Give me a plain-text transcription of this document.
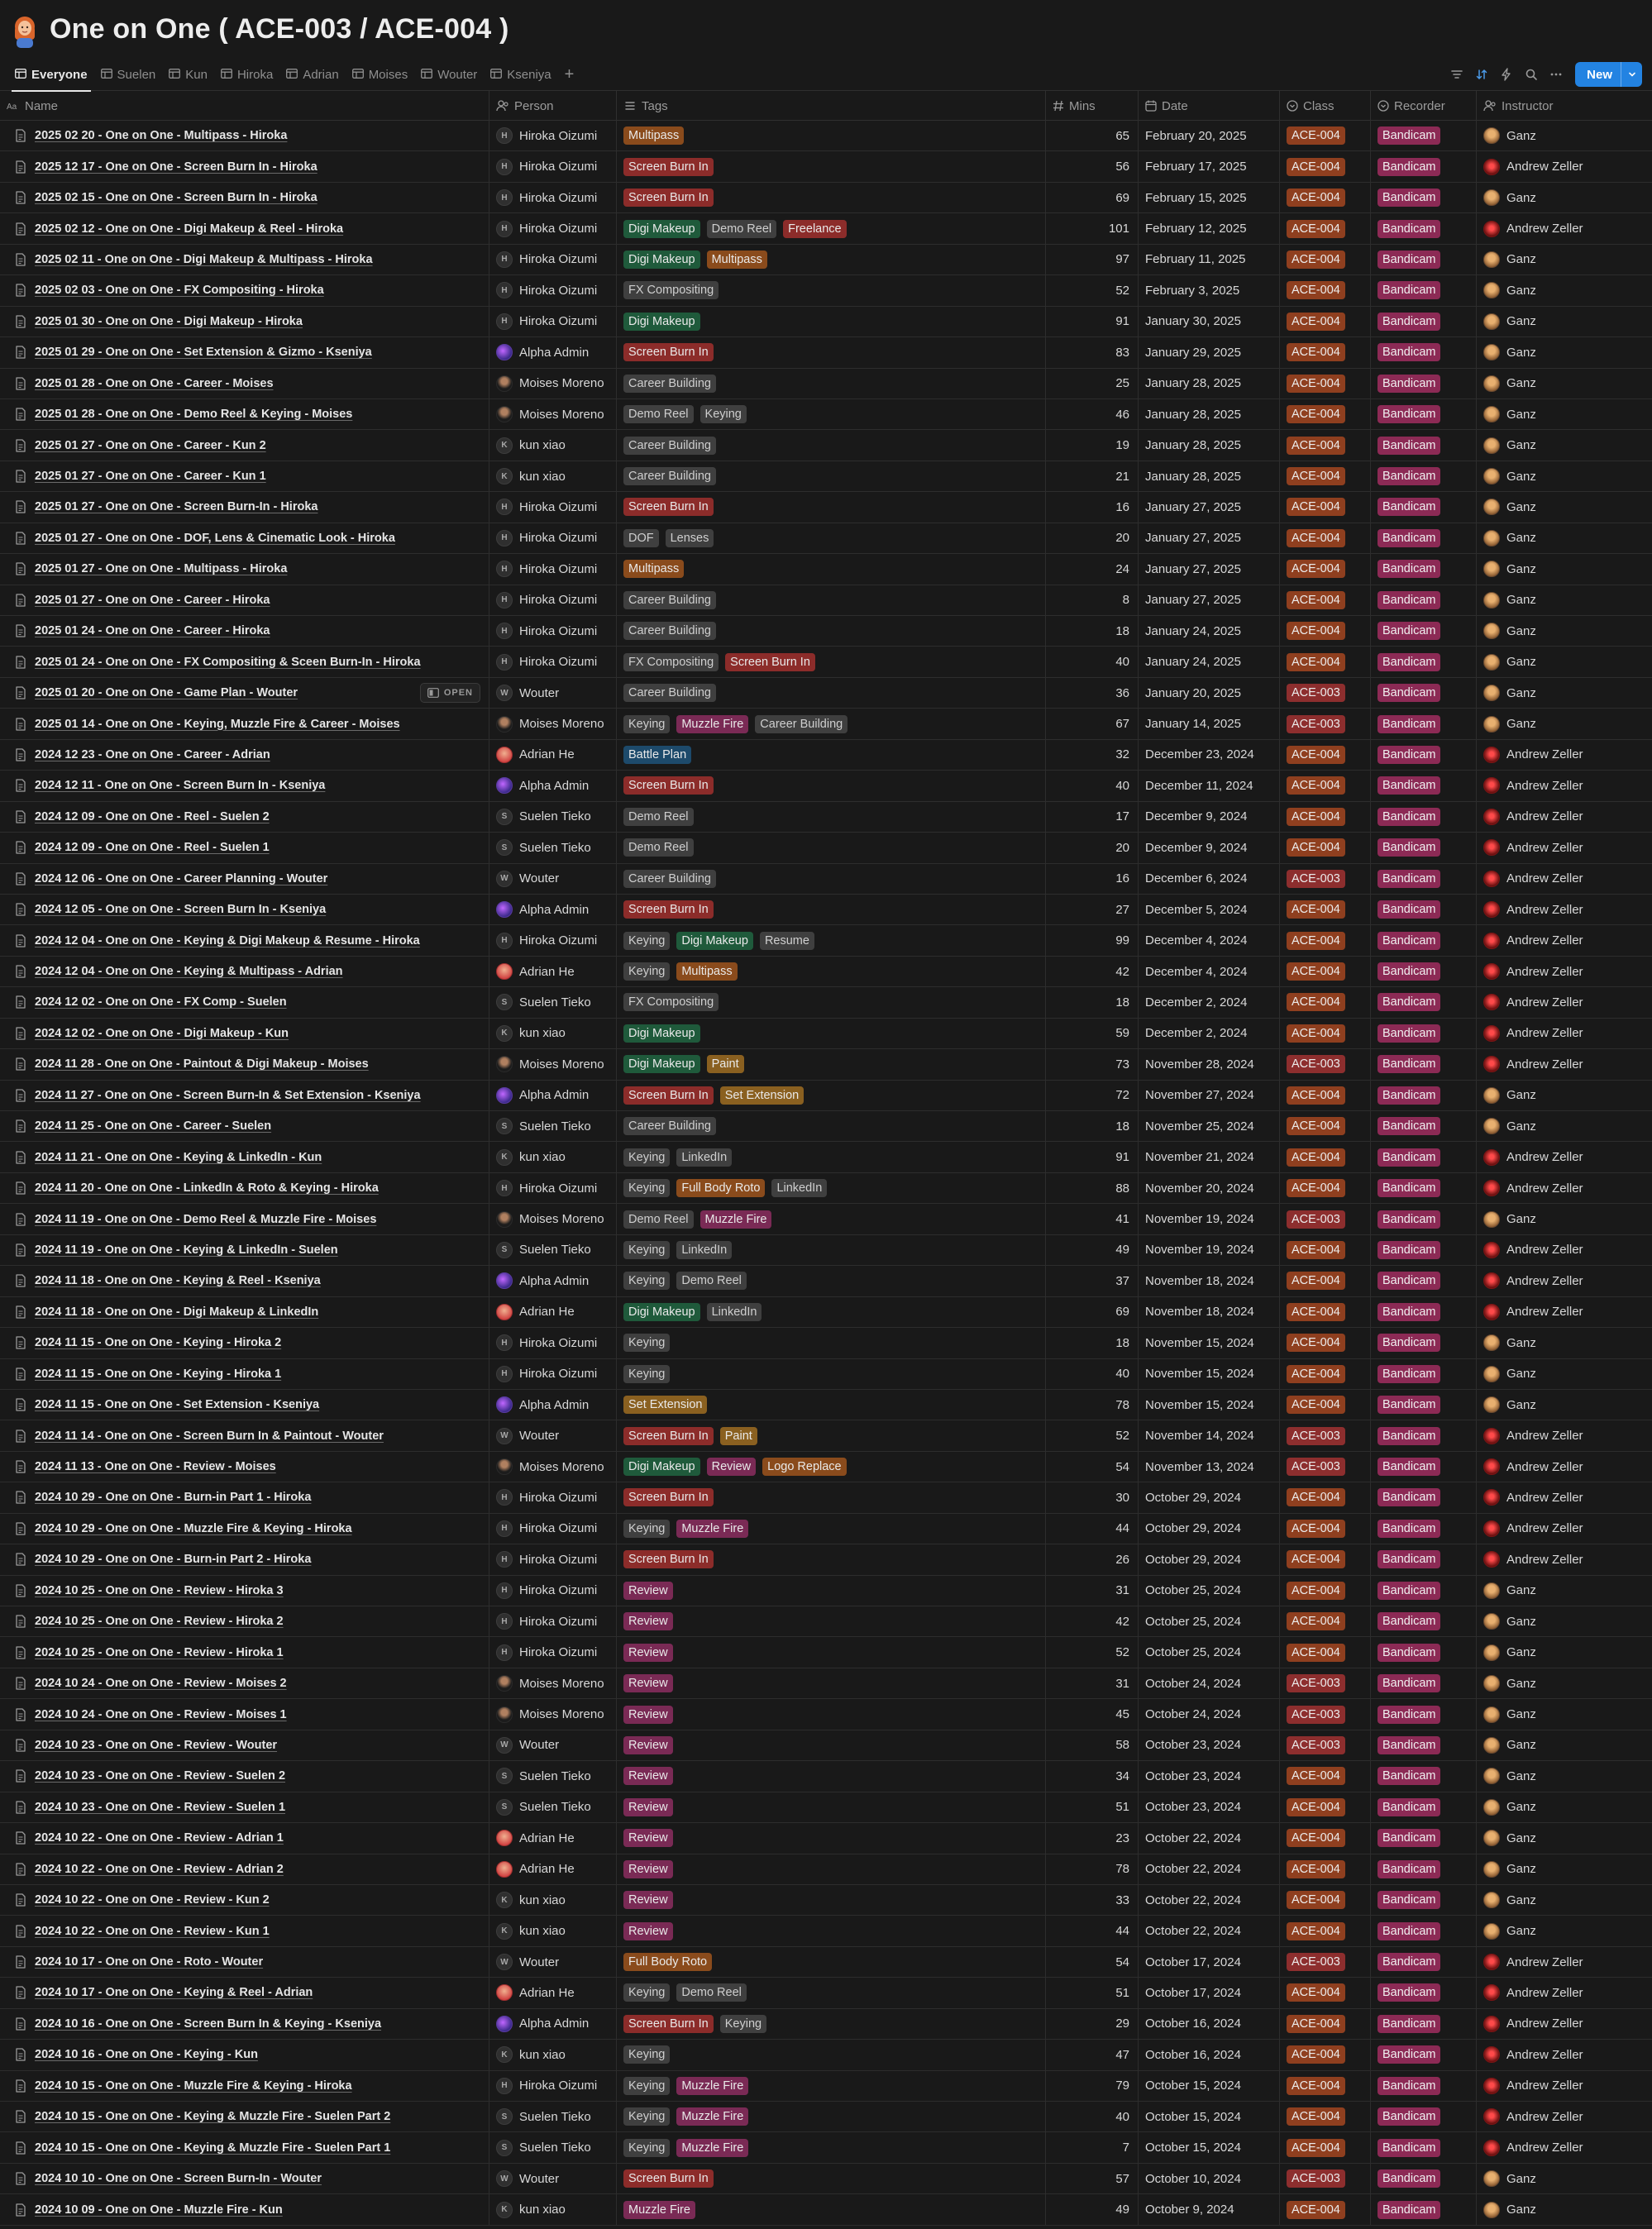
One on One ( ACE-003 / ACE-004 )
Everyone Suelen Kun Hiroka Adrian Moises Wouter Kseniya +	New
Aa Name	Person	Tags	Mins	Date	Class	Recorder	Instructor
2025 02 20 - One on One - Multipass - Hiroka	H Hiroka Oizumi	Multipass	65 February 20, 2025	ACE-004	Bandicam	Ganz
2025 12 17 - One on One - Screen Burn In - Hiroka	H Hiroka Oizumi	Screen Burn In	56 February 17, 2025	ACE-004	Bandicam	Andrew Zeller
2025 02 15 - One on One - Screen Burn In - Hiroka	H Hiroka Oizumi	Screen Burn In	69 February 15, 2025	ACE-004	Bandicam	Ganz
2025 02 12 - One on One - Digi Makeup & Reel - Hiroka	H Hiroka Oizumi	Digi Makeup	Demo Reel	Freelance	101 February 12, 2025	ACE-004	Bandicam	Andrew Zeller
2025 02 11 - One on One - Digi Makeup & Multipass - Hiroka	H Hiroka Oizumi	Digi Makeup	Multipass	97 February 11, 2025	ACE-004	Bandicam	Ganz
2025 02 03 - One on One - FX Compositing - Hiroka	H Hiroka Oizumi	FX Compositing	52 February 3, 2025	ACE-004	Bandicam	Ganz
2025 01 30 - One on One - Digi Makeup - Hiroka	H Hiroka Oizumi	Digi Makeup	91 January 30, 2025	ACE-004	Bandicam	Ganz
2025 01 29 - One on One - Set Extension & Gizmo - Kseniya	Alpha Admin	Screen Burn In	83 January 29, 2025	ACE-004	Bandicam	Ganz
2025 01 28 - One on One - Career - Moises	Moises Moreno	Career Building	25 January 28, 2025	ACE-004	Bandicam	Ganz
2025 01 28 - One on One - Demo Reel & Keying - Moises	Moises Moreno	Demo Reel	Keying	46 January 28, 2025	ACE-004	Bandicam	Ganz
2025 01 27 - One on One - Career - Kun 2	K kun xiao	Career Building	19 January 28, 2025	ACE-004	Bandicam	Ganz
2025 01 27 - One on One - Career - Kun 1	K kun xiao	Career Building	21 January 28, 2025	ACE-004	Bandicam	Ganz
2025 01 27 - One on One - Screen Burn-In - Hiroka	H Hiroka Oizumi	Screen Burn In	16 January 27, 2025	ACE-004	Bandicam	Ganz
2025 01 27 - One on One - DOF, Lens & Cinematic Look - Hiroka	H Hiroka Oizumi	DOF	Lenses	20 January 27, 2025	ACE-004	Bandicam	Ganz
2025 01 27 - One on One - Multipass - Hiroka	H Hiroka Oizumi	Multipass	24 January 27, 2025	ACE-004	Bandicam	Ganz
2025 01 27 - One on One - Career - Hiroka	H Hiroka Oizumi	Career Building	8 January 27, 2025	ACE-004	Bandicam	Ganz
2025 01 24 - One on One - Career - Hiroka	H Hiroka Oizumi	Career Building	18 January 24, 2025	ACE-004	Bandicam	Ganz
2025 01 24 - One on One - FX Compositing & Sceen Burn-In - Hiroka	H Hiroka Oizumi	FX Compositing	Screen Burn In	40 January 24, 2025	ACE-004	Bandicam	Ganz
2025 01 20 - One on One - Game Plan - Wouter	OPEN	W Wouter	Career Building	36 January 20, 2025	ACE-003	Bandicam	Ganz
2025 01 14 - One on One - Keying, Muzzle Fire & Career - Moises	Moises Moreno	Keying	Muzzle Fire	Career Building	67 January 14, 2025	ACE-003	Bandicam	Ganz
2024 12 23 - One on One - Career - Adrian	Adrian He	Battle Plan	32 December 23, 2024	ACE-004	Bandicam	Andrew Zeller
2024 12 11 - One on One - Screen Burn In - Kseniya	Alpha Admin	Screen Burn In	40 December 11, 2024	ACE-004	Bandicam	Andrew Zeller
2024 12 09 - One on One - Reel - Suelen 2	S Suelen Tieko	Demo Reel	17 December 9, 2024	ACE-004	Bandicam	Andrew Zeller
2024 12 09 - One on One - Reel - Suelen 1	S Suelen Tieko	Demo Reel	20 December 9, 2024	ACE-004	Bandicam	Andrew Zeller
2024 12 06 - One on One - Career Planning - Wouter	W Wouter	Career Building	16 December 6, 2024	ACE-003	Bandicam	Andrew Zeller
2024 12 05 - One on One - Screen Burn In - Kseniya	Alpha Admin	Screen Burn In	27 December 5, 2024	ACE-004	Bandicam	Andrew Zeller
2024 12 04 - One on One - Keying & Digi Makeup & Resume - Hiroka	H Hiroka Oizumi	Keying	Digi Makeup	Resume	99 December 4, 2024	ACE-004	Bandicam	Andrew Zeller
2024 12 04 - One on One - Keying & Multipass - Adrian	Adrian He	Keying	Multipass	42 December 4, 2024	ACE-004	Bandicam	Andrew Zeller
2024 12 02 - One on One - FX Comp - Suelen	S Suelen Tieko	FX Compositing	18 December 2, 2024	ACE-004	Bandicam	Andrew Zeller
2024 12 02 - One on One - Digi Makeup - Kun	K kun xiao	Digi Makeup	59 December 2, 2024	ACE-004	Bandicam	Andrew Zeller
2024 11 28 - One on One - Paintout & Digi Makeup - Moises	Moises Moreno	Digi Makeup	Paint	73 November 28, 2024	ACE-003	Bandicam	Andrew Zeller
2024 11 27 - One on One - Screen Burn-In & Set Extension - Kseniya	Alpha Admin	Screen Burn In	Set Extension	72 November 27, 2024	ACE-004	Bandicam	Ganz
2024 11 25 - One on One - Career - Suelen	S Suelen Tieko	Career Building	18 November 25, 2024	ACE-004	Bandicam	Ganz
2024 11 21 - One on One - Keying & LinkedIn - Kun	K kun xiao	Keying	LinkedIn	91 November 21, 2024	ACE-004	Bandicam	Andrew Zeller
2024 11 20 - One on One - LinkedIn & Roto & Keying - Hiroka	H Hiroka Oizumi	Keying	Full Body Roto	LinkedIn	88 November 20, 2024	ACE-004	Bandicam	Andrew Zeller
2024 11 19 - One on One - Demo Reel & Muzzle Fire - Moises	Moises Moreno	Demo Reel	Muzzle Fire	41 November 19, 2024	ACE-003	Bandicam	Ganz
2024 11 19 - One on One - Keying & LinkedIn - Suelen	S Suelen Tieko	Keying	LinkedIn	49 November 19, 2024	ACE-004	Bandicam	Andrew Zeller
2024 11 18 - One on One - Keying & Reel - Kseniya	Alpha Admin	Keying	Demo Reel	37 November 18, 2024	ACE-004	Bandicam	Andrew Zeller
2024 11 18 - One on One - Digi Makeup & LinkedIn	Adrian He	Digi Makeup	LinkedIn	69 November 18, 2024	ACE-004	Bandicam	Andrew Zeller
2024 11 15 - One on One - Keying - Hiroka 2	H Hiroka Oizumi	Keying	18 November 15, 2024	ACE-004	Bandicam	Ganz
2024 11 15 - One on One - Keying - Hiroka 1	H Hiroka Oizumi	Keying	40 November 15, 2024	ACE-004	Bandicam	Ganz
2024 11 15 - One on One - Set Extension - Kseniya	Alpha Admin	Set Extension	78 November 15, 2024	ACE-004	Bandicam	Ganz
2024 11 14 - One on One - Screen Burn In & Paintout - Wouter	W Wouter	Screen Burn In	Paint	52 November 14, 2024	ACE-003	Bandicam	Andrew Zeller
2024 11 13 - One on One - Review - Moises	Moises Moreno	Digi Makeup	Review	Logo Replace	54 November 13, 2024	ACE-003	Bandicam	Andrew Zeller
2024 10 29 - One on One - Burn-in Part 1 - Hiroka	H Hiroka Oizumi	Screen Burn In	30 October 29, 2024	ACE-004	Bandicam	Andrew Zeller
2024 10 29 - One on One - Muzzle Fire & Keying - Hiroka	H Hiroka Oizumi	Keying	Muzzle Fire	44 October 29, 2024	ACE-004	Bandicam	Andrew Zeller
2024 10 29 - One on One - Burn-in Part 2 - Hiroka	H Hiroka Oizumi	Screen Burn In	26 October 29, 2024	ACE-004	Bandicam	Andrew Zeller
2024 10 25 - One on One - Review - Hiroka 3	H Hiroka Oizumi	Review	31 October 25, 2024	ACE-004	Bandicam	Ganz
2024 10 25 - One on One - Review - Hiroka 2	H Hiroka Oizumi	Review	42 October 25, 2024	ACE-004	Bandicam	Ganz
2024 10 25 - One on One - Review - Hiroka 1	H Hiroka Oizumi	Review	52 October 25, 2024	ACE-004	Bandicam	Ganz
2024 10 24 - One on One - Review - Moises 2	Moises Moreno	Review	31 October 24, 2024	ACE-003	Bandicam	Ganz
2024 10 24 - One on One - Review - Moises 1	Moises Moreno	Review	45 October 24, 2024	ACE-003	Bandicam	Ganz
2024 10 23 - One on One - Review - Wouter	W Wouter	Review	58 October 23, 2024	ACE-003	Bandicam	Ganz
2024 10 23 - One on One - Review - Suelen 2	S Suelen Tieko	Review	34 October 23, 2024	ACE-004	Bandicam	Ganz
2024 10 23 - One on One - Review - Suelen 1	S Suelen Tieko	Review	51 October 23, 2024	ACE-004	Bandicam	Ganz
2024 10 22 - One on One - Review - Adrian 1	Adrian He	Review	23 October 22, 2024	ACE-004	Bandicam	Ganz
2024 10 22 - One on One - Review - Adrian 2	Adrian He	Review	78 October 22, 2024	ACE-004	Bandicam	Ganz
2024 10 22 - One on One - Review - Kun 2	K kun xiao	Review	33 October 22, 2024	ACE-004	Bandicam	Ganz
2024 10 22 - One on One - Review - Kun 1	K kun xiao	Review	44 October 22, 2024	ACE-004	Bandicam	Ganz
2024 10 17 - One on One - Roto - Wouter	W Wouter	Full Body Roto	54 October 17, 2024	ACE-003	Bandicam	Andrew Zeller
2024 10 17 - One on One - Keying & Reel - Adrian	Adrian He	Keying	Demo Reel	51 October 17, 2024	ACE-004	Bandicam	Andrew Zeller
2024 10 16 - One on One - Screen Burn In & Keying - Kseniya	Alpha Admin	Screen Burn In	Keying	29 October 16, 2024	ACE-004	Bandicam	Andrew Zeller
2024 10 16 - One on One - Keying - Kun	K kun xiao	Keying	47 October 16, 2024	ACE-004	Bandicam	Andrew Zeller
2024 10 15 - One on One - Muzzle Fire & Keying - Hiroka	H Hiroka Oizumi	Keying	Muzzle Fire	79 October 15, 2024	ACE-004	Bandicam	Andrew Zeller
2024 10 15 - One on One - Keying & Muzzle Fire - Suelen Part 2	S Suelen Tieko	Keying	Muzzle Fire	40 October 15, 2024	ACE-004	Bandicam	Andrew Zeller
2024 10 15 - One on One - Keying & Muzzle Fire - Suelen Part 1	S Suelen Tieko	Keying	Muzzle Fire	7 October 15, 2024	ACE-004	Bandicam	Andrew Zeller
2024 10 10 - One on One - Screen Burn-In - Wouter	W Wouter	Screen Burn In	57 October 10, 2024	ACE-003	Bandicam	Ganz
2024 10 09 - One on One - Muzzle Fire - Kun	K kun xiao	Muzzle Fire	49 October 9, 2024	ACE-004	Bandicam	Ganz
